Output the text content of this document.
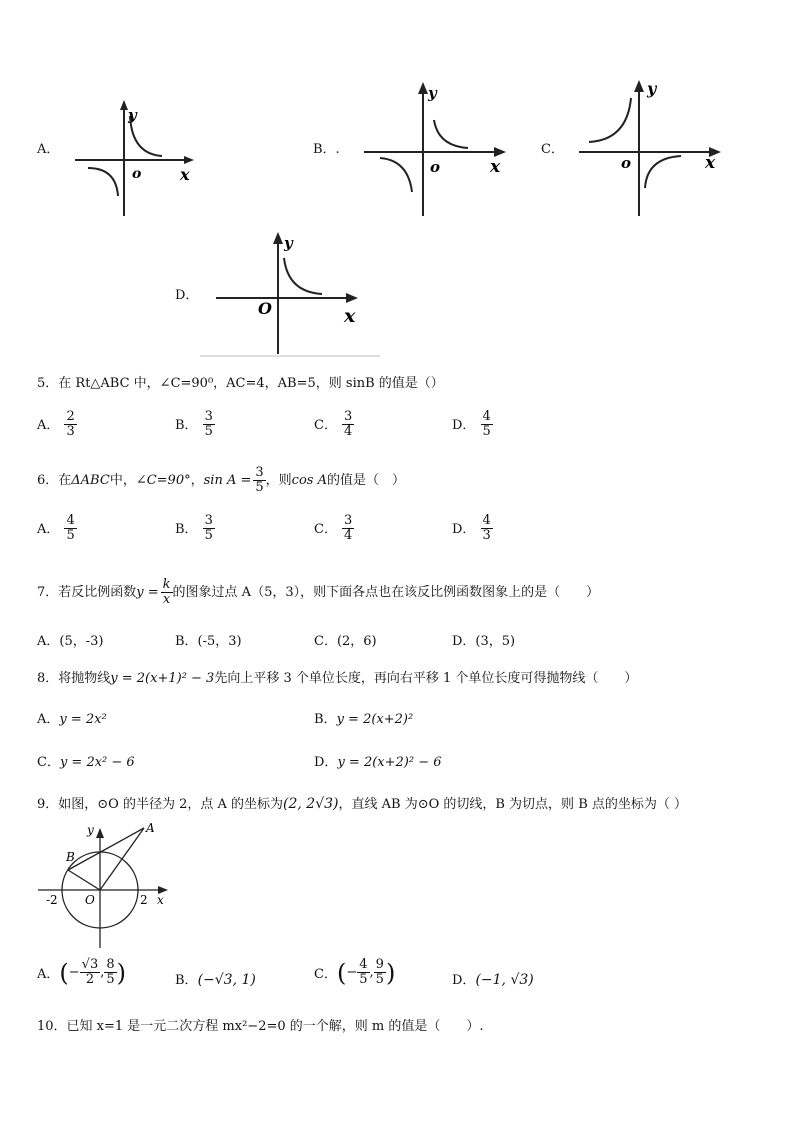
A．
y
o x
B．.
y
o	x
C．
y
o	x
D．
y
O	x
5．在 Rt△ABC 中，∠C=90⁰，AC=4，AB=5，则 sinB 的值是（）
A． $\frac{2}{3}$	B． $\frac{3}{5}$	C． $\frac{3}{4}$	D． $\frac{4}{5}$
6．在 ΔABC 中， ∠C=90° ， $\sin A = \frac{3}{5}$ ，则 cos A 的值是（　）
A． $\frac{4}{5}$	B． $\frac{3}{5}$	C． $\frac{3}{4}$	D． $\frac{4}{3}$
7．若反比例函数 $y = \frac{k}{x}$ 的图象过点 A（5，3），则下面各点也在该反比例函数图象上的是（　　）
A．(5，-3)	B．(-5，3)	C．(2，6)	D．(3，5)
8．将抛物线y = 2(x+1)² − 3先向上平移 3 个单位长度，再向右平移 1 个单位长度可得抛物线（　　）
A．y = 2x²	B．y = 2(x+2)²
C．y = 2x² − 6	D．y = 2(x+2)² − 6
9．如图，⊙O 的半径为 2，点 A 的坐标为(2, 2√3)，直线 AB 为⊙O 的切线，B 为切点，则 B 点的坐标为（ ）
A
B
O	x
y
-2	2
A． ( − $\frac{√3}{2}$ , $\frac{8}{5}$ )	B．(−√3, 1)	C． ( − $\frac{4}{5}$ , $\frac{9}{5}$ )	D．(−1, √3)
10．已知 x=1 是一元二次方程 mx²−2=0 的一个解，则 m 的值是（　　）.
